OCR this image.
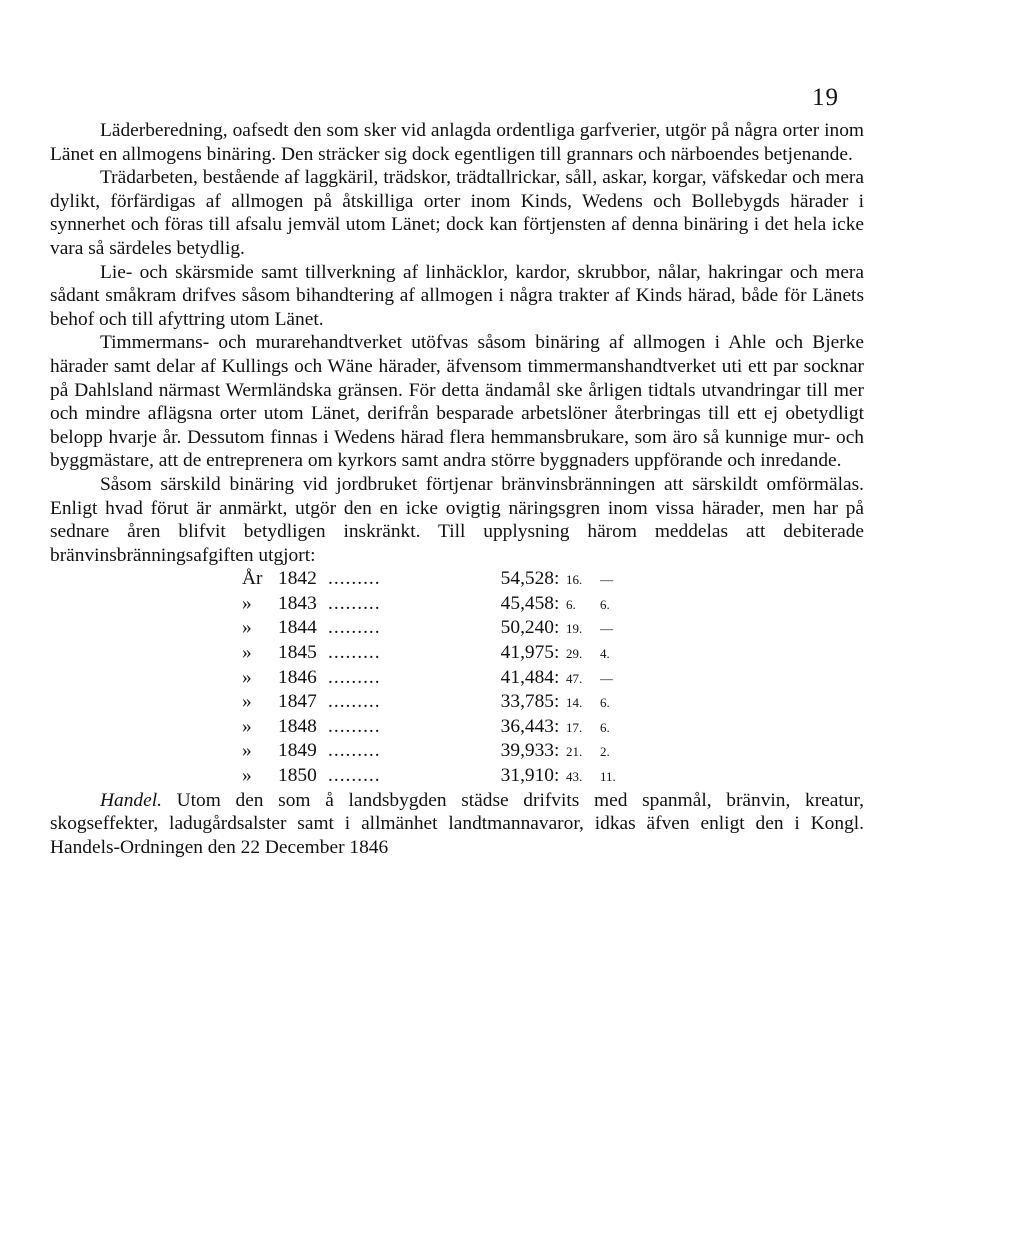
19

Läderberedning, oafsedt den som sker vid anlagda ordentliga garfverier, utgör på några orter inom Länet en allmogens binäring. Den sträcker sig dock egentligen till grannars och närboendes betjenande.

Trädarbeten, bestående af laggkäril, trädskor, trädtallrickar, såll, askar, korgar, väfskedar och mera dylikt, förfärdigas af allmogen på åtskilliga orter inom Kinds, Wedens och Bollebygds härader i synnerhet och föras till afsalu jemväl utom Länet; dock kan förtjensten af denna binäring i det hela icke vara så särdeles betydlig.

Lie- och skärsmide samt tillverkning af linhäcklor, kardor, skrubbor, nålar, hakringar och mera sådant småkram drifves såsom bihandtering af allmogen i några trakter af Kinds härad, både för Länets behof och till afyttring utom Länet.

Timmermans- och murarehandtverket utöfvas såsom binäring af allmogen i Ahle och Bjerke härader samt delar af Kullings och Wäne härader, äfvensom timmermanshandtverket uti ett par socknar på Dahlsland närmast Wermländska gränsen. För detta ändamål ske årligen tidtals utvandringar till mer och mindre aflägsna orter utom Länet, derifrån besparade arbetslöner återbringas till ett ej obetydligt belopp hvarje år. Dessutom finnas i Wedens härad flera hemmansbrukare, som äro så kunnige mur- och byggmästare, att de entreprenera om kyrkors samt andra större byggnaders uppförande och inredande.

Såsom särskild binäring vid jordbruket förtjenar bränvinsbränningen att särskildt omförmälas. Enligt hvad förut är anmärkt, utgör den en icke ovigtig näringsgren inom vissa härader, men har på sednare åren blifvit betydligen inskränkt. Till upplysning härom meddelas att debiterade bränvinsbränningsafgiften utgjort:

År	1842	.........	54,528	:	16.	—
»	1843	.........	45,458	:	6.	6.
»	1844	.........	50,240	:	19.	—
»	1845	.........	41,975	:	29.	4.
»	1846	.........	41,484	:	47.	—
»	1847	.........	33,785	:	14.	6.
»	1848	.........	36,443	:	17.	6.
»	1849	.........	39,933	:	21.	2.
»	1850	.........	31,910	:	43.	11.

Handel. Utom den som å landsbygden städse drifvits med spanmål, bränvin, kreatur, skogseffekter, ladugårdsalster samt i allmänhet landtmannavaror, idkas äfven enligt den i Kongl. Handels-Ordningen den 22 December 1846
